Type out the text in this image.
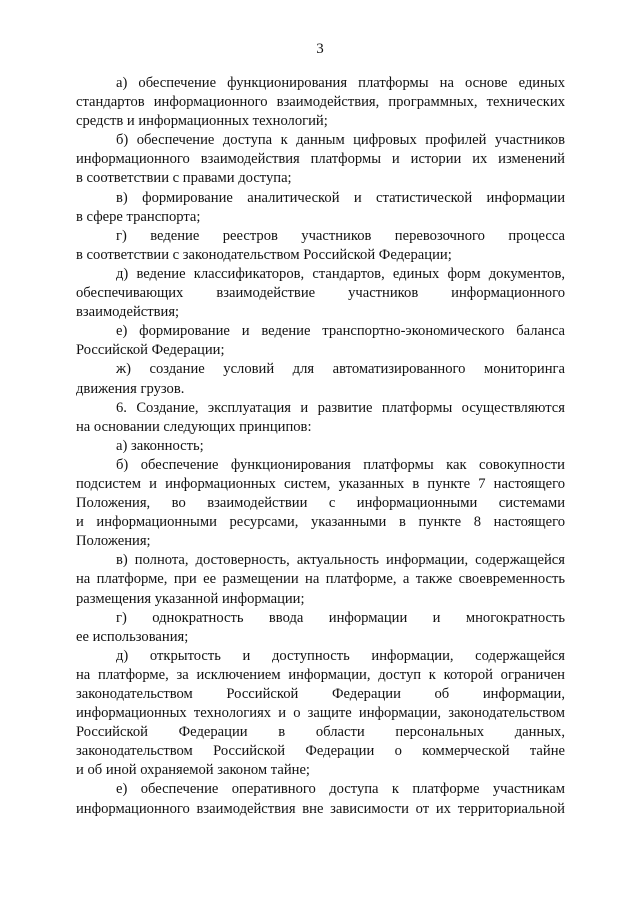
3
а) обеспечение функционирования платформы на основе единых
стандартов информационного взаимодействия, программных, технических
средств и информационных технологий;
б) обеспечение доступа к данным цифровых профилей участников
информационного взаимодействия платформы и истории их изменений
в соответствии с правами доступа;
в) формирование аналитической и статистической информации
в сфере транспорта;
г) ведение реестров участников перевозочного процесса
в соответствии с законодательством Российской Федерации;
д) ведение классификаторов, стандартов, единых форм документов,
обеспечивающих взаимодействие участников информационного
взаимодействия;
е) формирование и ведение транспортно-экономического баланса
Российской Федерации;
ж) создание условий для автоматизированного мониторинга
движения грузов.
6. Создание, эксплуатация и развитие платформы осуществляются
на основании следующих принципов:
а) законность;
б) обеспечение функционирования платформы как совокупности
подсистем и информационных систем, указанных в пункте 7 настоящего
Положения, во взаимодействии с информационными системами
и информационными ресурсами, указанными в пункте 8 настоящего
Положения;
в) полнота, достоверность, актуальность информации, содержащейся
на платформе, при ее размещении на платформе, а также своевременность
размещения указанной информации;
г) однократность ввода информации и многократность
ее использования;
д) открытость и доступность информации, содержащейся
на платформе, за исключением информации, доступ к которой ограничен
законодательством Российской Федерации об информации,
информационных технологиях и о защите информации, законодательством
Российской Федерации в области персональных данных,
законодательством Российской Федерации о коммерческой тайне
и об иной охраняемой законом тайне;
е) обеспечение оперативного доступа к платформе участникам
информационного взаимодействия вне зависимости от их территориальной
